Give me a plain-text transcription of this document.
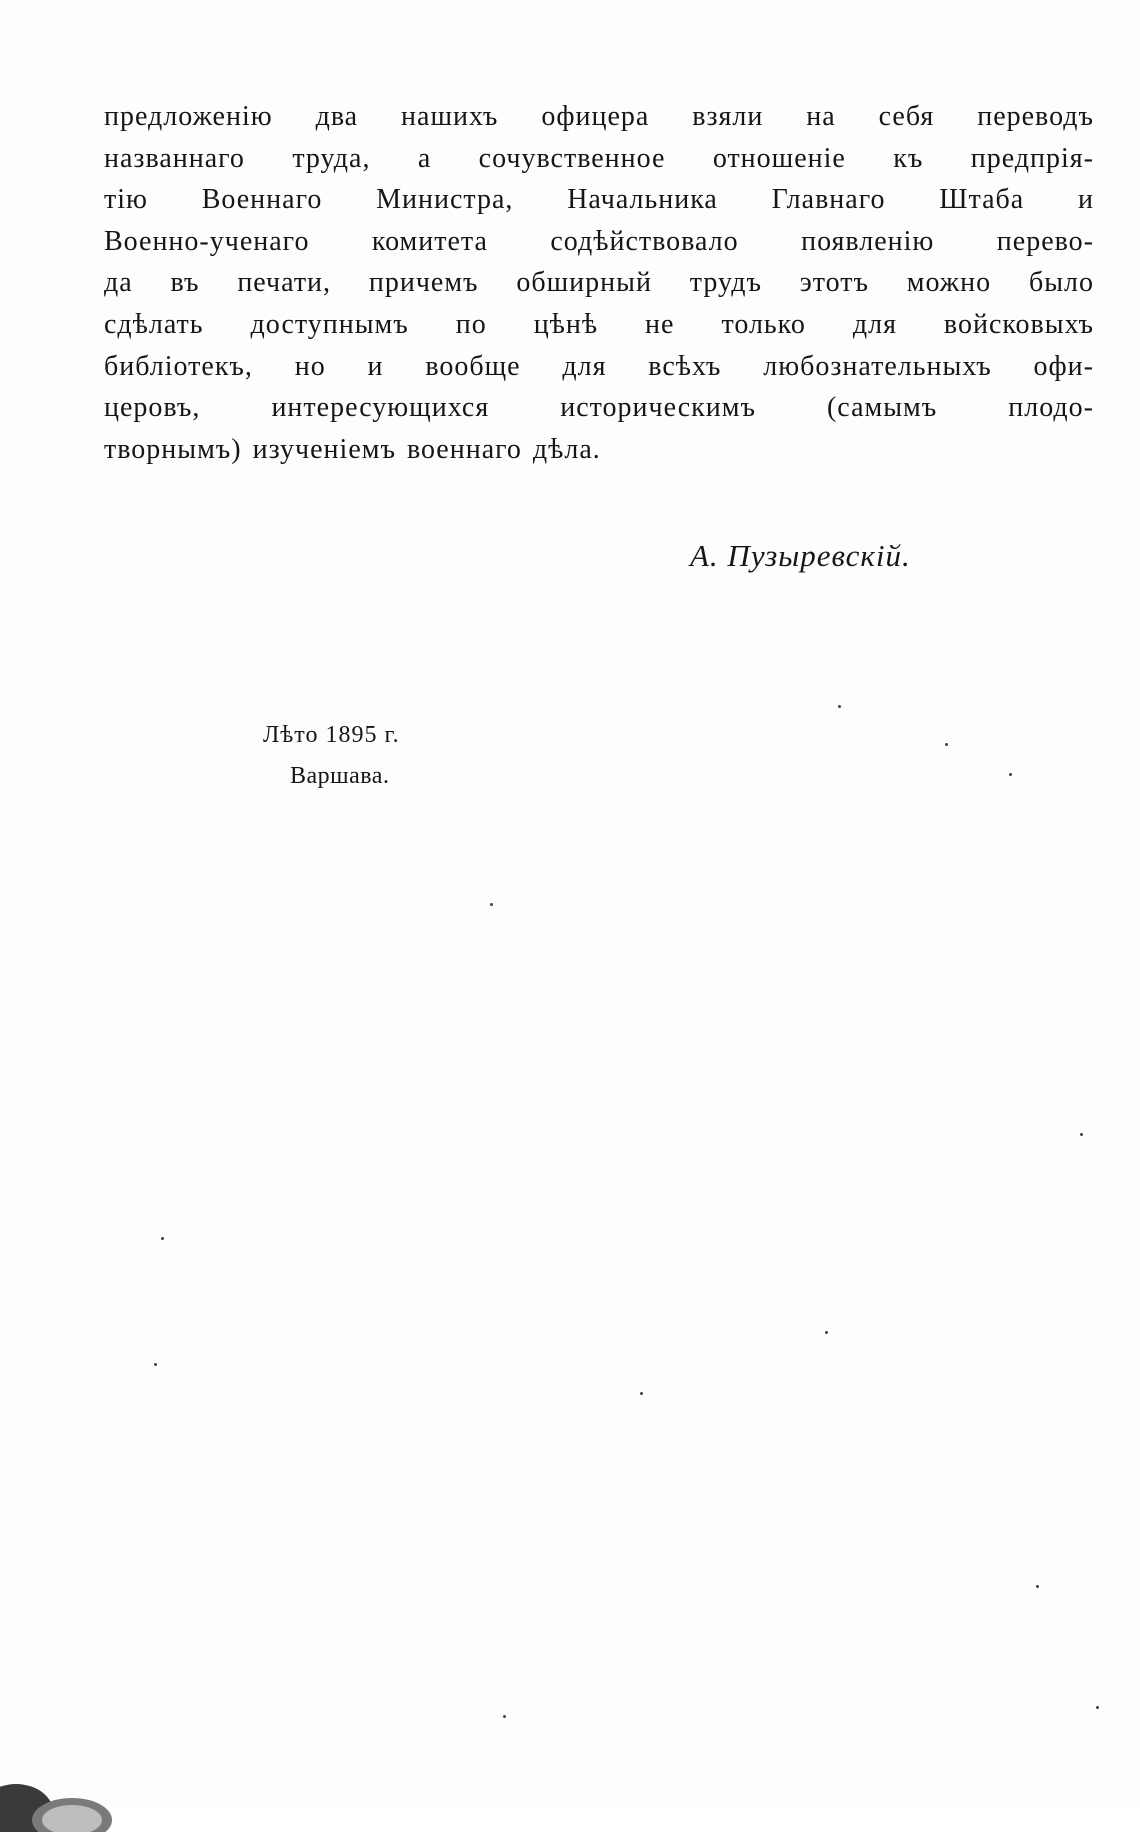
предложенію два нашихъ офицера взяли на себя переводъ
названнаго труда, а сочувственное отношеніе къ предпрія-
тію Военнаго Министра, Начальника Главнаго Штаба и
Военно-ученаго комитета содѣйствовало появленію перево-
да въ печати, причемъ обширный трудъ этотъ можно было
сдѣлать доступнымъ по цѣнѣ не только для войсковыхъ
библіотекъ, но и вообще для всѣхъ любознательныхъ офи-
церовъ, интересующихся историческимъ (самымъ плодо-
творнымъ) изученіемъ военнаго дѣла.
А. Пузыревскій.
Лѣто 1895 г.
Варшава.
